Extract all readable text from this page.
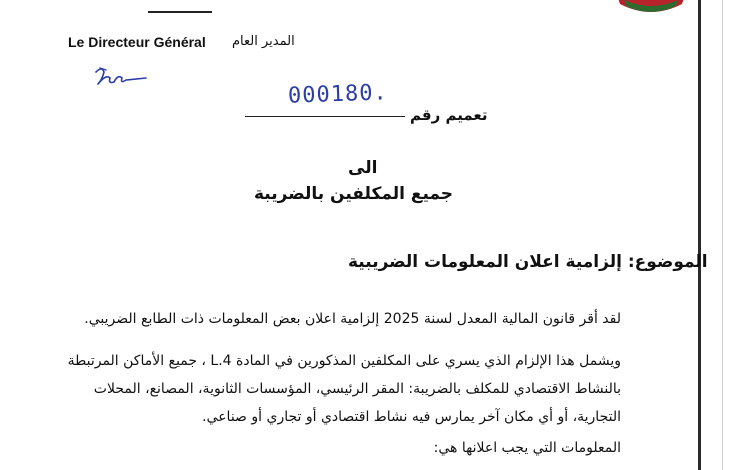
Le Directeur Général المدير العام
000180.
تعميم رقم
الى
جميع المكلفين بالضريبة
الموضوع: إلزامية اعلان المعلومات الضريبية
لقد أقر قانون المالية المعدل لسنة 2025 إلزامية اعلان بعض المعلومات ذات الطابع الضريبي.
ويشمل هذا الإلزام الذي يسري على المكلفين المذكورين في المادة L.4 ، جميع الأماكن المرتبطة
بالنشاط الاقتصادي للمكلف بالضريبة: المقر الرئيسي، المؤسسات الثانوية، المصانع، المحلات
التجارية، أو أي مكان آخر يمارس فيه نشاط اقتصادي أو تجاري أو صناعي.
المعلومات التي يجب اعلانها هي:
